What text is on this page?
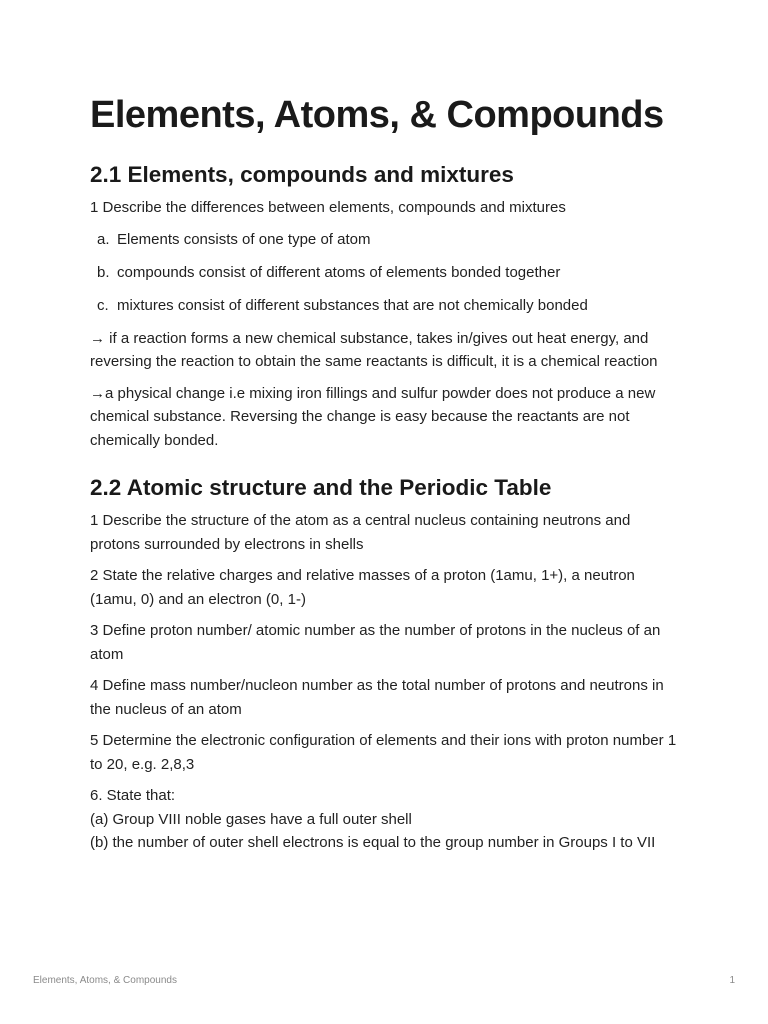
Elements, Atoms, & Compounds
2.1 Elements, compounds and mixtures

1 Describe the differences between elements, compounds and mixtures

a. Elements consists of one type of atom
b. compounds consist of different atoms of elements bonded together
c. mixtures consist of different substances that are not chemically bonded

→ if a reaction forms a new chemical substance, takes in/gives out heat energy, and reversing the reaction to obtain the same reactants is difficult, it is a chemical reaction

→a physical change i.e mixing iron fillings and sulfur powder does not produce a new chemical substance. Reversing the change is easy because the reactants are not chemically bonded.

2.2 Atomic structure and the Periodic Table

1 Describe the structure of the atom as a central nucleus containing neutrons and protons surrounded by electrons in shells

2 State the relative charges and relative masses of a proton (1amu, 1+), a neutron (1amu, 0) and an electron (0, 1-)

3 Define proton number/ atomic number as the number of protons in the nucleus of an atom

4 Define mass number/nucleon number as the total number of protons and neutrons in the nucleus of an atom

5 Determine the electronic configuration of elements and their ions with proton number 1 to 20, e.g. 2,8,3

6. State that:
(a) Group VIII noble gases have a full outer shell
(b) the number of outer shell electrons is equal to the group number in Groups I to VII

Elements, Atoms, & Compounds	1
